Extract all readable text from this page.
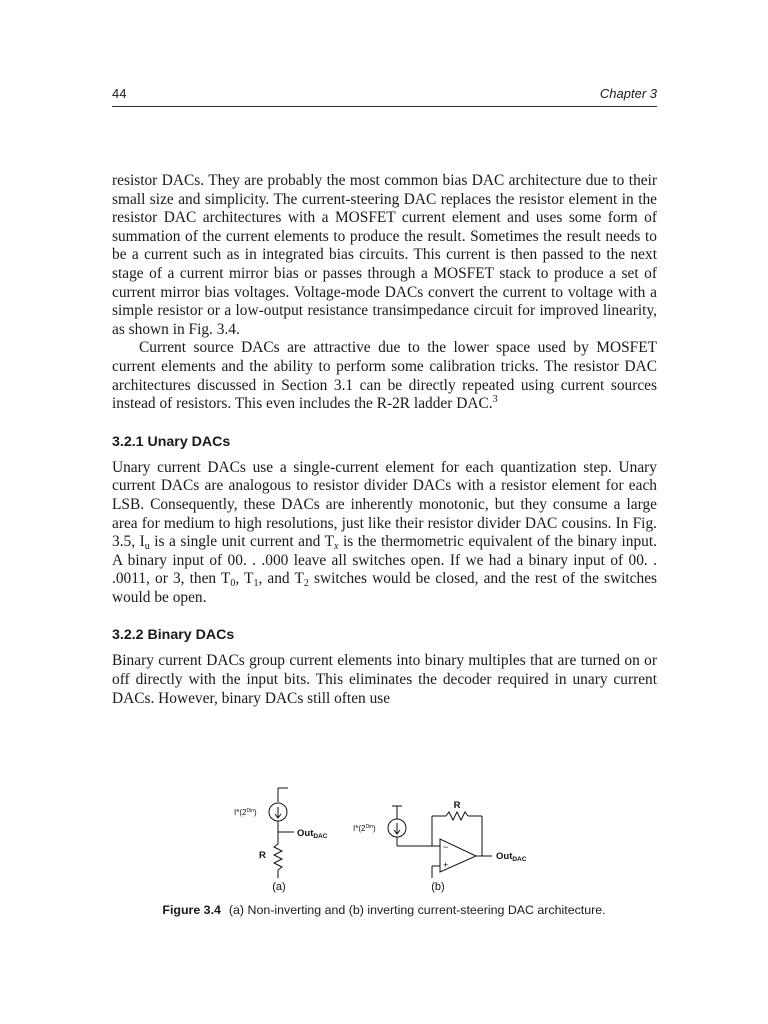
44	Chapter 3

resistor DACs. They are probably the most common bias DAC architecture due to their small size and simplicity. The current-steering DAC replaces the resistor element in the resistor DAC architectures with a MOSFET current element and uses some form of summation of the current elements to produce the result. Sometimes the result needs to be a current such as in integrated bias circuits. This current is then passed to the next stage of a current mirror bias or passes through a MOSFET stack to produce a set of current mirror bias voltages. Voltage-mode DACs convert the current to voltage with a simple resistor or a low-output resistance transimpedance circuit for improved linearity, as shown in Fig. 3.4.

Current source DACs are attractive due to the lower space used by MOSFET current elements and the ability to perform some calibration tricks. The resistor DAC architectures discussed in Section 3.1 can be directly repeated using current sources instead of resistors. This even includes the R-2R ladder DAC.$^3$

3.2.1 Unary DACs

Unary current DACs use a single-current element for each quantization step. Unary current DACs are analogous to resistor divider DACs with a resistor element for each LSB. Consequently, these DACs are inherently monotonic, but they consume a large area for medium to high resolutions, just like their resistor divider DAC cousins. In Fig. 3.5, $I_u$ is a single unit current and $T_x$ is the thermometric equivalent of the binary input. A binary input of 00. . .000 leave all switches open. If we had a binary input of 00. . .0011, or 3, then $T_0$, $T_1$, and $T_2$ switches would be closed, and the rest of the switches would be open.

3.2.2 Binary DACs

Binary current DACs group current elements into binary multiples that are turned on or off directly with the input bits. This eliminates the decoder required in unary current DACs. However, binary DACs still often use

$I*(2^{Din})$
Out$_{DAC}$
R
(a)
$I*(2^{Din})$
R
−
+
Out$_{DAC}$
(b)
Figure 3.4 (a) Non-inverting and (b) inverting current-steering DAC architecture.
